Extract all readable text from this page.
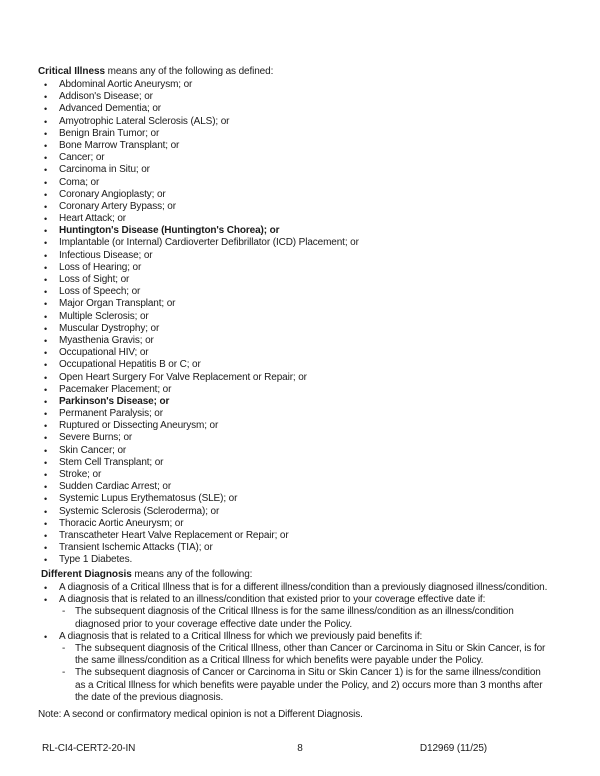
Critical Illness means any of the following as defined:

•	Abdominal Aortic Aneurysm; or
•	Addison's Disease; or
•	Advanced Dementia; or
•	Amyotrophic Lateral Sclerosis (ALS); or
•	Benign Brain Tumor; or
•	Bone Marrow Transplant; or
•	Cancer; or
•	Carcinoma in Situ; or
•	Coma; or
•	Coronary Angioplasty; or
•	Coronary Artery Bypass; or
•	Heart Attack; or
•	Huntington's Disease (Huntington's Chorea); or
•	Implantable (or Internal) Cardioverter Defibrillator (ICD) Placement; or
•	Infectious Disease; or
•	Loss of Hearing; or
•	Loss of Sight; or
•	Loss of Speech; or
•	Major Organ Transplant; or
•	Multiple Sclerosis; or
•	Muscular Dystrophy; or
•	Myasthenia Gravis; or
•	Occupational HIV; or
•	Occupational Hepatitis B or C; or
•	Open Heart Surgery For Valve Replacement or Repair; or
•	Pacemaker Placement; or
•	Parkinson's Disease; or
•	Permanent Paralysis; or
•	Ruptured or Dissecting Aneurysm; or
•	Severe Burns; or
•	Skin Cancer; or
•	Stem Cell Transplant; or
•	Stroke; or
•	Sudden Cardiac Arrest; or
•	Systemic Lupus Erythematosus (SLE); or
•	Systemic Sclerosis (Scleroderma); or
•	Thoracic Aortic Aneurysm; or
•	Transcatheter Heart Valve Replacement or Repair; or
•	Transient Ischemic Attacks (TIA); or
•	Type 1 Diabetes.

Different Diagnosis means any of the following:

•	A diagnosis of a Critical Illness that is for a different illness/condition than a previously diagnosed illness/condition.
•	A diagnosis that is related to an illness/condition that existed prior to your coverage effective date if:
- The subsequent diagnosis of the Critical Illness is for the same illness/condition as an illness/condition
diagnosed prior to your coverage effective date under the Policy.
•	A diagnosis that is related to a Critical Illness for which we previously paid benefits if:
- The subsequent diagnosis of the Critical Illness, other than Cancer or Carcinoma in Situ or Skin Cancer, is for
the same illness/condition as a Critical Illness for which benefits were payable under the Policy.
- The subsequent diagnosis of Cancer or Carcinoma in Situ or Skin Cancer 1) is for the same illness/condition
as a Critical Illness for which benefits were payable under the Policy, and 2) occurs more than 3 months after
the date of the previous diagnosis.

Note: A second or confirmatory medical opinion is not a Different Diagnosis.

RL-CI4-CERT2-20-IN	8	D12969 (11/25)
